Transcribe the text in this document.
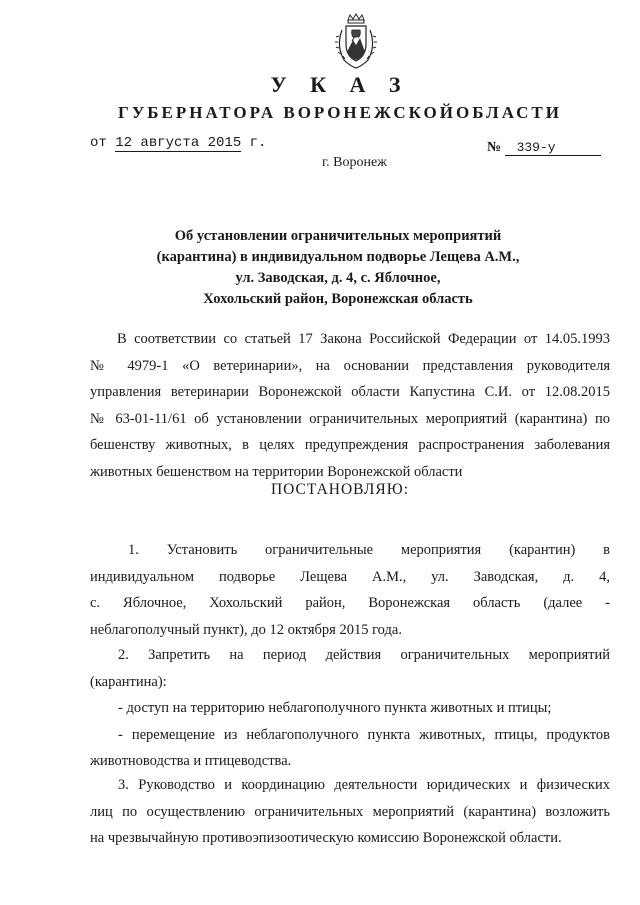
У К А З
ГУБЕРНАТОРА ВОРОНЕЖСКОЙОБЛАСТИ
от 12 августа 2015 г.	№ 339-у
г. Воронеж
Об установлении ограничительных мероприятий
(карантина) в индивидуальном подворье Лещева А.М.,
ул. Заводская, д. 4, с. Яблочное,
Хохольский район, Воронежская область
В соответствии со статьей 17 Закона Российской Федерации от 14.05.1993
№ 4979-1 «О ветеринарии», на основании представления руководителя
управления ветеринарии Воронежской области Капустина С.И. от 12.08.2015
№ 63-01-11/61 об установлении ограничительных мероприятий (карантина) по
бешенству животных, в целях предупреждения распространения заболевания
животных бешенством на территории Воронежской области
ПОСТАНОВЛЯЮ:
1. Установить ограничительные мероприятия (карантин) в
индивидуальном подворье Лещева А.М., ул. Заводская, д. 4,
с. Яблочное, Хохольский район, Воронежская область (далее -
неблагополучный пункт), до 12 октября 2015 года.
2. Запретить на период действия ограничительных мероприятий
(карантина):
- доступ на территорию неблагополучного пункта животных и птицы;
- перемещение из неблагополучного пункта животных, птицы, продуктов
животноводства и птицеводства.
3. Руководство и координацию деятельности юридических и физических
лиц по осуществлению ограничительных мероприятий (карантина) возложить
на чрезвычайную противоэпизоотическую комиссию Воронежской области.
